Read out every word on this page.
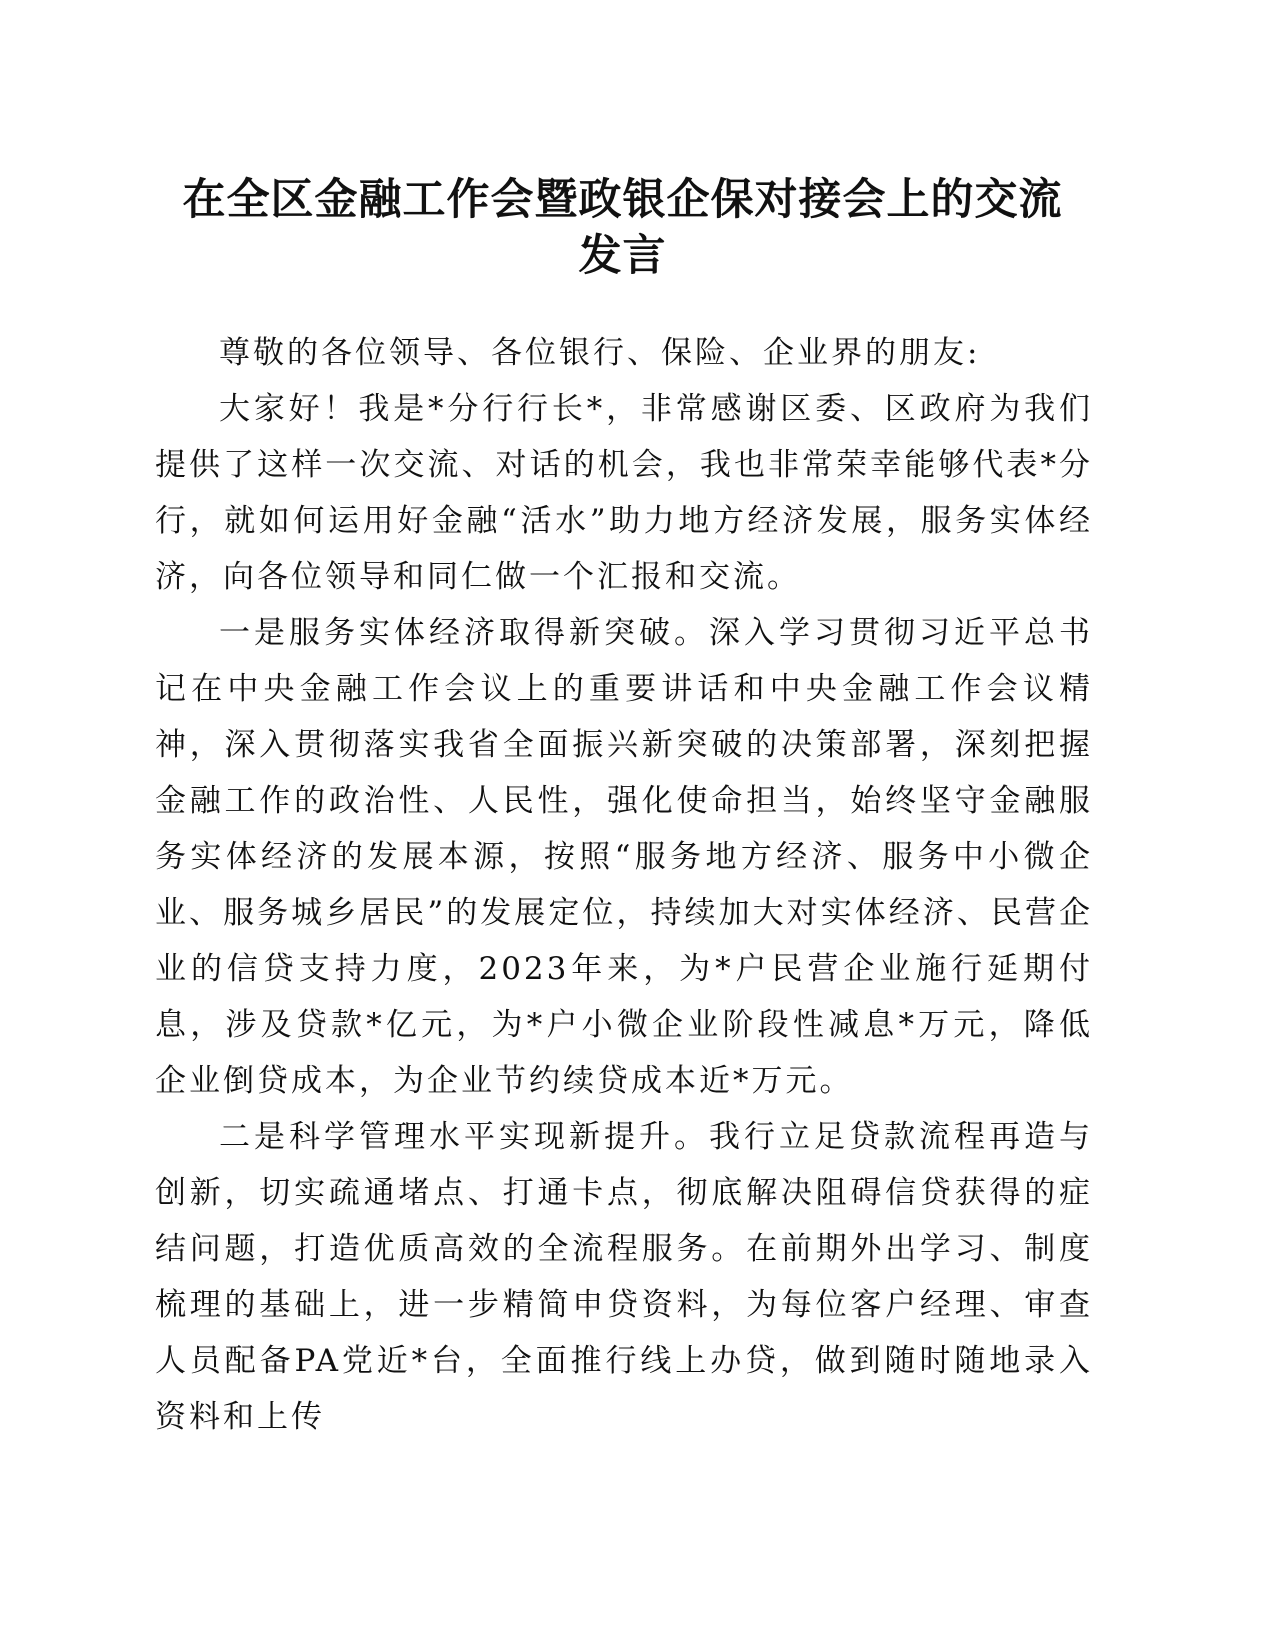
在全区金融工作会暨政银企保对接会上的交流
发言

尊敬的各位领导、各位银行、保险、企业界的朋友:

大家好！我是*分行行长*，非常感谢区委、区政府为我们提供了这样一次交流、对话的机会，我也非常荣幸能够代表*分行，就如何运用好金融“活水”助力地方经济发展，服务实体经济，向各位领导和同仁做一个汇报和交流。

一是服务实体经济取得新突破。深入学习贯彻习近平总书记在中央金融工作会议上的重要讲话和中央金融工作会议精神，深入贯彻落实我省全面振兴新突破的决策部署，深刻把握金融工作的政治性、人民性，强化使命担当，始终坚守金融服务实体经济的发展本源，按照“服务地方经济、服务中小微企业、服务城乡居民”的发展定位，持续加大对实体经济、民营企业的信贷支持力度，2023年来，为*户民营企业施行延期付息，涉及贷款*亿元，为*户小微企业阶段性减息*万元，降低企业倒贷成本，为企业节约续贷成本近*万元。

二是科学管理水平实现新提升。我行立足贷款流程再造与创新，切实疏通堵点、打通卡点，彻底解决阻碍信贷获得的症结问题，打造优质高效的全流程服务。在前期外出学习、制度梳理的基础上，进一步精简申贷资料，为每位客户经理、审查人员配备PA党近*台，全面推行线上办贷，做到随时随地录入资料和上传
